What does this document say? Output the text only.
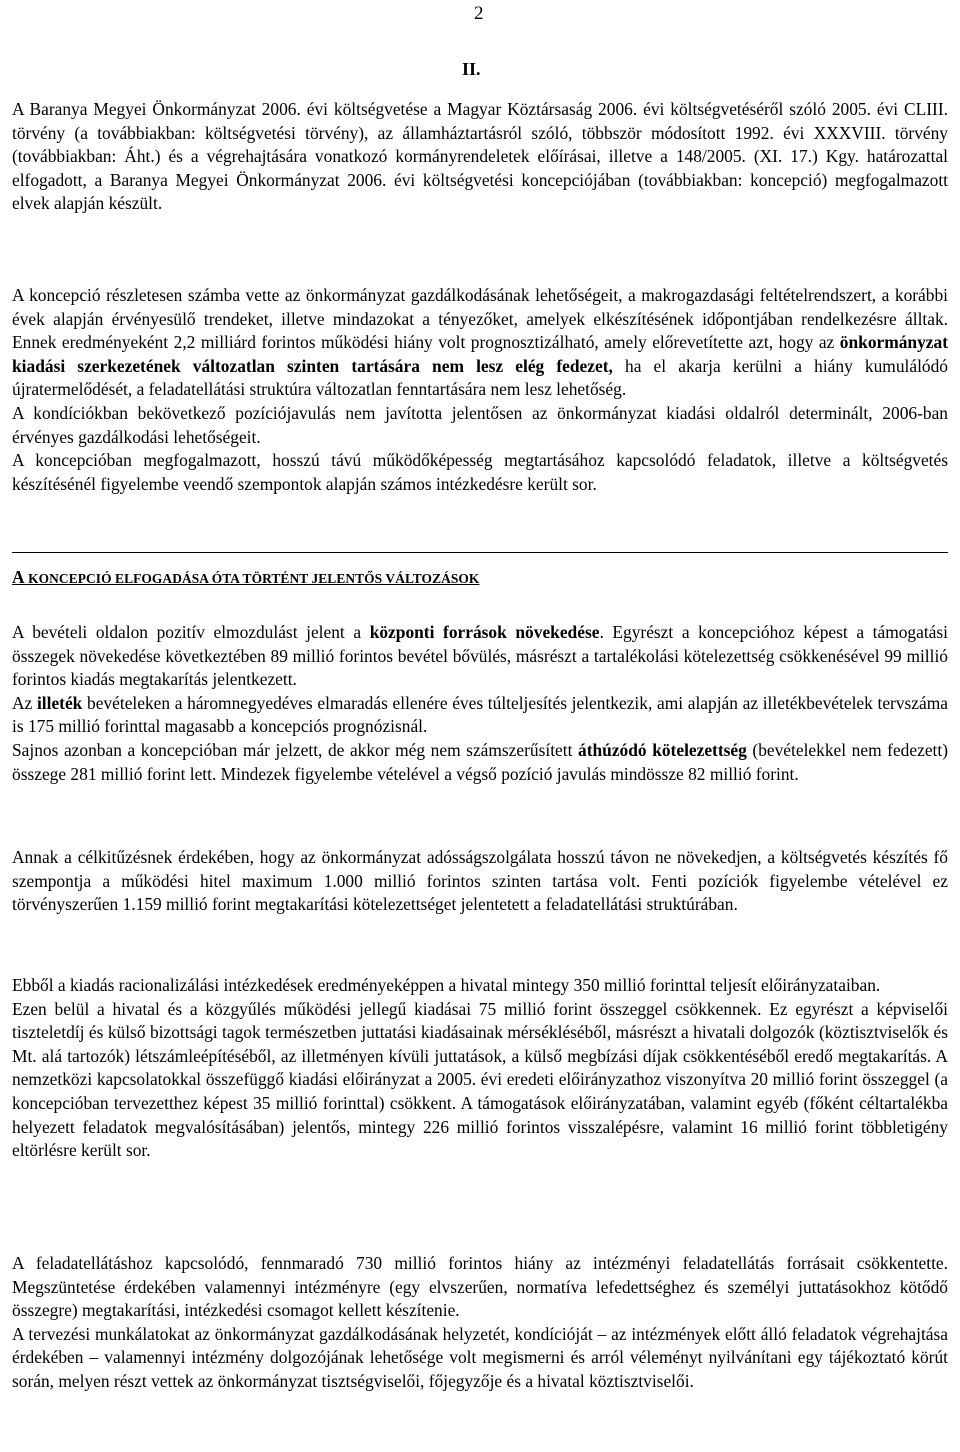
2
II.

A Baranya Megyei Önkormányzat 2006. évi költségvetése a Magyar Köztársaság 2006. évi költségvetéséről szóló 2005. évi CLIII. törvény (a továbbiakban: költségvetési törvény), az államháztartásról szóló, többször módosított 1992. évi XXXVIII. törvény (továbbiakban: Áht.) és a végrehajtására vonatkozó kormányrendeletek előírásai, illetve a 148/2005. (XI. 17.) Kgy. határozattal elfogadott, a Baranya Megyei Önkormányzat 2006. évi költségvetési koncepciójában (továbbiakban: koncepció) megfogalmazott elvek alapján készült.

A koncepció részletesen számba vette az önkormányzat gazdálkodásának lehetőségeit, a makrogazdasági feltételrendszert, a korábbi évek alapján érvényesülő trendeket, illetve mindazokat a tényezőket, amelyek elkészítésének időpontjában rendelkezésre álltak. Ennek eredményeként 2,2 milliárd forintos működési hiány volt prognosztizálható, amely előrevetítette azt, hogy az önkormányzat kiadási szerkezetének változatlan szinten tartására nem lesz elég fedezet, ha el akarja kerülni a hiány kumulálódó újratermelődését, a feladatellátási struktúra változatlan fenntartására nem lesz lehetőség.

A kondíciókban bekövetkező pozíciójavulás nem javította jelentősen az önkormányzat kiadási oldalról determinált, 2006-ban érvényes gazdálkodási lehetőségeit.

A koncepcióban megfogalmazott, hosszú távú működőképesség megtartásához kapcsolódó feladatok, illetve a költségvetés készítésénél figyelembe veendő szempontok alapján számos intézkedésre került sor.

A KONCEPCIÓ ELFOGADÁSA ÓTA TÖRTÉNT JELENTŐS VÁLTOZÁSOK

A bevételi oldalon pozitív elmozdulást jelent a központi források növekedése. Egyrészt a koncepcióhoz képest a támogatási összegek növekedése következtében 89 millió forintos bevétel bővülés, másrészt a tartalékolási kötelezettség csökkenésével 99 millió forintos kiadás megtakarítás jelentkezett.

Az illeték bevételeken a háromnegyedéves elmaradás ellenére éves túlteljesítés jelentkezik, ami alapján az illetékbevételek tervszáma is 175 millió forinttal magasabb a koncepciós prognózisnál.

Sajnos azonban a koncepcióban már jelzett, de akkor még nem számszerűsített áthúzódó kötelezettség (bevételekkel nem fedezett) összege 281 millió forint lett. Mindezek figyelembe vételével a végső pozíció javulás mindössze 82 millió forint.

Annak a célkitűzésnek érdekében, hogy az önkormányzat adósságszolgálata hosszú távon ne növekedjen, a költségvetés készítés fő szempontja a működési hitel maximum 1.000 millió forintos szinten tartása volt. Fenti pozíciók figyelembe vételével ez törvényszerűen 1.159 millió forint megtakarítási kötelezettséget jelentetett a feladatellátási struktúrában.

Ebből a kiadás racionalizálási intézkedések eredményeképpen a hivatal mintegy 350 millió forinttal teljesít előirányzataiban.

Ezen belül a hivatal és a közgyűlés működési jellegű kiadásai 75 millió forint összeggel csökkennek. Ez egyrészt a képviselői tiszteletdíj és külső bizottsági tagok természetben juttatási kiadásainak mérsékléséből, másrészt a hivatali dolgozók (köztisztviselők és Mt. alá tartozók) létszámleépítéséből, az illetményen kívüli juttatások, a külső megbízási díjak csökkentéséből eredő megtakarítás. A nemzetközi kapcsolatokkal összefüggő kiadási előirányzat a 2005. évi eredeti előirányzathoz viszonyítva 20 millió forint összeggel (a koncepcióban tervezetthez képest 35 millió forinttal) csökkent. A támogatások előirányzatában, valamint egyéb (főként céltartalékba helyezett feladatok megvalósításában) jelentős, mintegy 226 millió forintos visszalépésre, valamint 16 millió forint többletigény eltörlésre került sor.

A feladatellátáshoz kapcsolódó, fennmaradó 730 millió forintos hiány az intézményi feladatellátás forrásait csökkentette. Megszüntetése érdekében valamennyi intézményre (egy elvszerűen, normatíva lefedettséghez és személyi juttatásokhoz kötődő összegre) megtakarítási, intézkedési csomagot kellett készítenie.

A tervezési munkálatokat az önkormányzat gazdálkodásának helyzetét, kondícióját – az intézmények előtt álló feladatok végrehajtása érdekében – valamennyi intézmény dolgozójának lehetősége volt megismerni és arról véleményt nyilvánítani egy tájékoztató körút során, melyen részt vettek az önkormányzat tisztségviselői, főjegyzője és a hivatal köztisztviselői.
